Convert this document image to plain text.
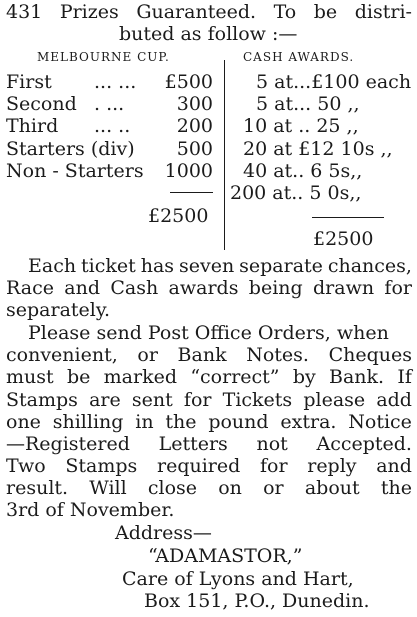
431 Prizes Guaranteed. To be distri-
buted as follow :—
MELBOURNE CUP.	CASH AWARDS.
First ... ... £500
Second . ...	300
Third ... .. 200
Starters (div) 500
Non - Starters 1000
£2500
5 at...£100 each
5 at... 50 ,,
10 at .. 25 ,,
20 at £12 10s ,,
40 at.. 6 5s,,
200 at.. 5 0s,,
£2500
Each ticket has seven separate chances,
Race and Cash awards being drawn for
separately.
Please send Post Office Orders, when
convenient, or Bank Notes. Cheques
must be marked “correct” by Bank. If
Stamps are sent for Tickets please add
one shilling in the pound extra. Notice
—Registered Letters not Accepted.
Two Stamps required for reply and
result. Will close on or about the
3rd of November.
Address—
“ADAMASTOR,”
Care of Lyons and Hart,
Box 151, P.O., Dunedin.
